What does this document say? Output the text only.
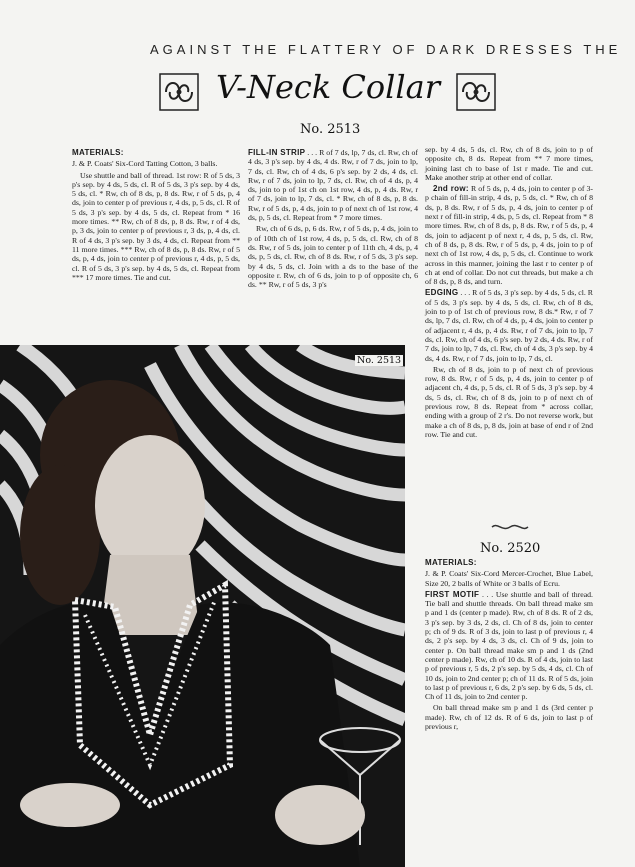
AGAINST THE FLATTERY OF DARK DRESSES THE
V-Neck Collar
No. 2513

MATERIALS:

J. & P. Coats' Six-Cord Tatting Cotton, 3 balls.

Use shuttle and ball of thread. 1st row: R of 5 ds, 3 p's sep. by 4 ds, 5 ds, cl. R of 5 ds, 3 p's sep. by 4 ds, 5 ds, cl. * Rw, ch of 8 ds, p, 8 ds. Rw, r of 5 ds, p, 4 ds, join to center p of previous r, 4 ds, p, 5 ds, cl. R of 5 ds, 3 p's sep. by 4 ds, 5 ds, cl. Repeat from * 16 more times. ** Rw, ch of 8 ds, p, 8 ds. Rw, r of 4 ds, p, 3 ds, join to center p of previous r, 3 ds, p, 4 ds, cl. R of 4 ds, 3 p's sep. by 3 ds, 4 ds, cl. Repeat from ** 11 more times. *** Rw, ch of 8 ds, p, 8 ds. Rw, r of 5 ds, p, 4 ds, join to center p of previous r, 4 ds, p, 5 ds, cl. R of 5 ds, 3 p's sep. by 4 ds, 5 ds, cl. Repeat from *** 17 more times. Tie and cut.

FILL-IN STRIP . . . R of 7 ds, lp, 7 ds, cl. Rw, ch of 4 ds, 3 p's sep. by 4 ds, 4 ds. Rw, r of 7 ds, join to lp, 7 ds, cl. Rw, ch of 4 ds, 6 p's sep. by 2 ds, 4 ds, cl. Rw, r of 7 ds, join to lp, 7 ds, cl. Rw, ch of 4 ds, p, 4 ds, join to p of 1st ch on 1st row, 4 ds, p, 4 ds. Rw, r of 7 ds, join to lp, 7 ds, cl. * Rw, ch of 8 ds, p, 8 ds. Rw, r of 5 ds, p, 4 ds, join to p of next ch of 1st row, 4 ds, p, 5 ds, cl. Repeat from * 7 more times.

Rw, ch of 6 ds, p, 6 ds. Rw, r of 5 ds, p, 4 ds, join to p of 10th ch of 1st row, 4 ds, p, 5 ds, cl. Rw, ch of 8 ds. Rw, r of 5 ds, join to center p of 11th ch, 4 ds, p, 4 ds, p, 5 ds, cl. Rw, ch of 8 ds. Rw, r of 5 ds, 3 p's sep. by 4 ds, 5 ds, cl. Join with a ds to the base of the opposite r. Rw, ch of 6 ds, join to p of opposite ch, 6 ds. ** Rw, r of 5 ds, 3 p's

sep. by 4 ds, 5 ds, cl. Rw, ch of 8 ds, join to p of opposite ch, 8 ds. Repeat from ** 7 more times, joining last ch to base of 1st r made. Tie and cut. Make another strip at other end of collar.

2nd row: R of 5 ds, p, 4 ds, join to center p of 3-p chain of fill-in strip, 4 ds, p, 5 ds, cl. * Rw, ch of 8 ds, p, 8 ds. Rw, r of 5 ds, p, 4 ds, join to center p of next r of fill-in strip, 4 ds, p, 5 ds, cl. Repeat from * 8 more times. Rw, ch of 8 ds, p, 8 ds. Rw, r of 5 ds, p, 4 ds, join to adjacent p of next r, 4 ds, p, 5 ds, cl. Rw, ch of 8 ds, p, 8 ds. Rw, r of 5 ds, p, 4 ds, join to p of next ch of 1st row, 4 ds, p, 5 ds, cl. Continue to work across in this manner, joining the last r to center p of ch at end of collar. Do not cut threads, but make a ch of 8 ds, p, 8 ds, and turn.

EDGING . . . R of 5 ds, 3 p's sep. by 4 ds, 5 ds, cl. R of 5 ds, 3 p's sep. by 4 ds, 5 ds, cl. Rw, ch of 8 ds, join to p of 1st ch of previous row, 8 ds.* Rw, r of 7 ds, lp, 7 ds, cl. Rw, ch of 4 ds, p, 4 ds, join to center p of adjacent r, 4 ds, p, 4 ds. Rw, r of 7 ds, join to lp, 7 ds, cl. Rw, ch of 4 ds, 6 p's sep. by 2 ds, 4 ds. Rw, r of 7 ds, join to lp, 7 ds, cl. Rw, ch of 4 ds, 3 p's sep. by 4 ds, 4 ds. Rw, r of 7 ds, join to lp, 7 ds, cl.

Rw, ch of 8 ds, join to p of next ch of previous row, 8 ds. Rw, r of 5 ds, p, 4 ds, join to center p of adjacent ch, 4 ds, p, 5 ds, cl. R of 5 ds, 3 p's sep. by 4 ds, 5 ds, cl. Rw, ch of 8 ds, join to p of next ch of previous row, 8 ds. Repeat from * across collar, ending with a group of 2 r's. Do not reverse work, but make a ch of 8 ds, p, 8 ds, join at base of end r of 2nd row. Tie and cut.

No. 2513
No. 2520

MATERIALS:

J. & P. Coats' Six-Cord Mercer-Crochet, Blue Label, Size 20, 2 balls of White or 3 balls of Ecru.

FIRST MOTIF . . . Use shuttle and ball of thread. Tie ball and shuttle threads. On ball thread make sm p and 1 ds (center p made). Rw, ch of 8 ds. R of 2 ds, 3 p's sep. by 3 ds, 2 ds, cl. Ch of 8 ds, join to center p; ch of 9 ds. R of 3 ds, join to last p of previous r, 4 ds, 2 p's sep. by 4 ds, 3 ds, cl. Ch of 9 ds, join to center p. On ball thread make sm p and 1 ds (2nd center p made). Rw, ch of 10 ds. R of 4 ds, join to last p of previous r, 5 ds, 2 p's sep. by 5 ds, 4 ds, cl. Ch of 10 ds, join to 2nd center p; ch of 11 ds. R of 5 ds, join to last p of previous r, 6 ds, 2 p's sep. by 6 ds, 5 ds, cl. Ch of 11 ds, join to 2nd center p.

On ball thread make sm p and 1 ds (3rd center p made). Rw, ch of 12 ds. R of 6 ds, join to last p of previous r,
